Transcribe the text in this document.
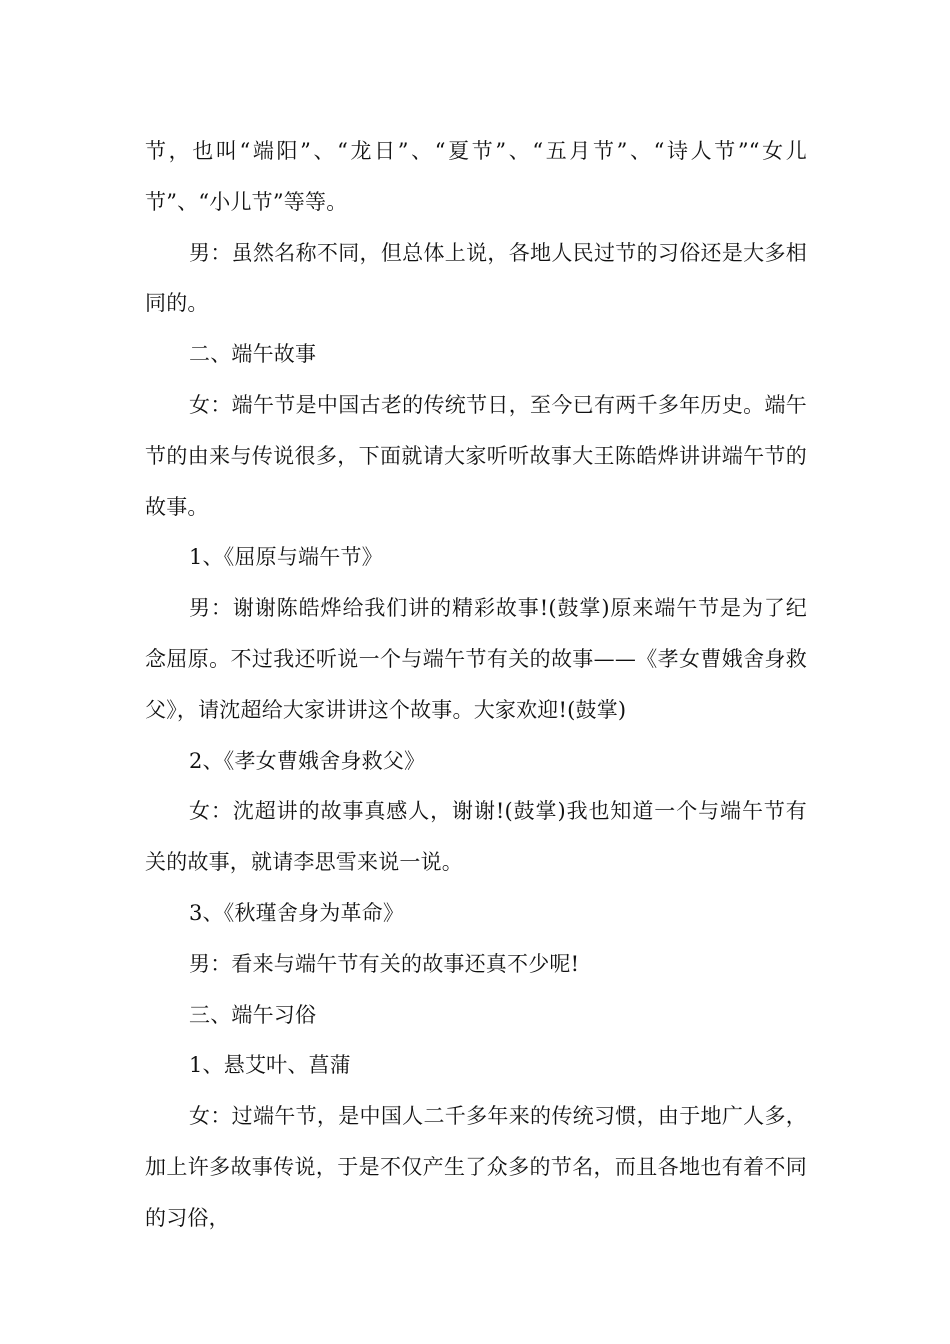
节，也叫“端阳”、“龙日”、“夏节”、“五月节”、“诗人节”“女儿节”、“小儿节”等等。

男：虽然名称不同，但总体上说，各地人民过节的习俗还是大多相同的。

二、端午故事

女：端午节是中国古老的传统节日，至今已有两千多年历史。端午节的由来与传说很多，下面就请大家听听故事大王陈皓烨讲讲端午节的故事。

1、《屈原与端午节》

男：谢谢陈皓烨给我们讲的精彩故事!(鼓掌)原来端午节是为了纪念屈原。不过我还听说一个与端午节有关的故事——《孝女曹娥舍身救父》，请沈超给大家讲讲这个故事。大家欢迎!(鼓掌)

2、《孝女曹娥舍身救父》

女：沈超讲的故事真感人，谢谢!(鼓掌)我也知道一个与端午节有关的故事，就请李思雪来说一说。

3、《秋瑾舍身为革命》

男：看来与端午节有关的故事还真不少呢!

三、端午习俗

1、悬艾叶、菖蒲

女：过端午节，是中国人二千多年来的传统习惯，由于地广人多，加上许多故事传说，于是不仅产生了众多的节名，而且各地也有着不同的习俗，
